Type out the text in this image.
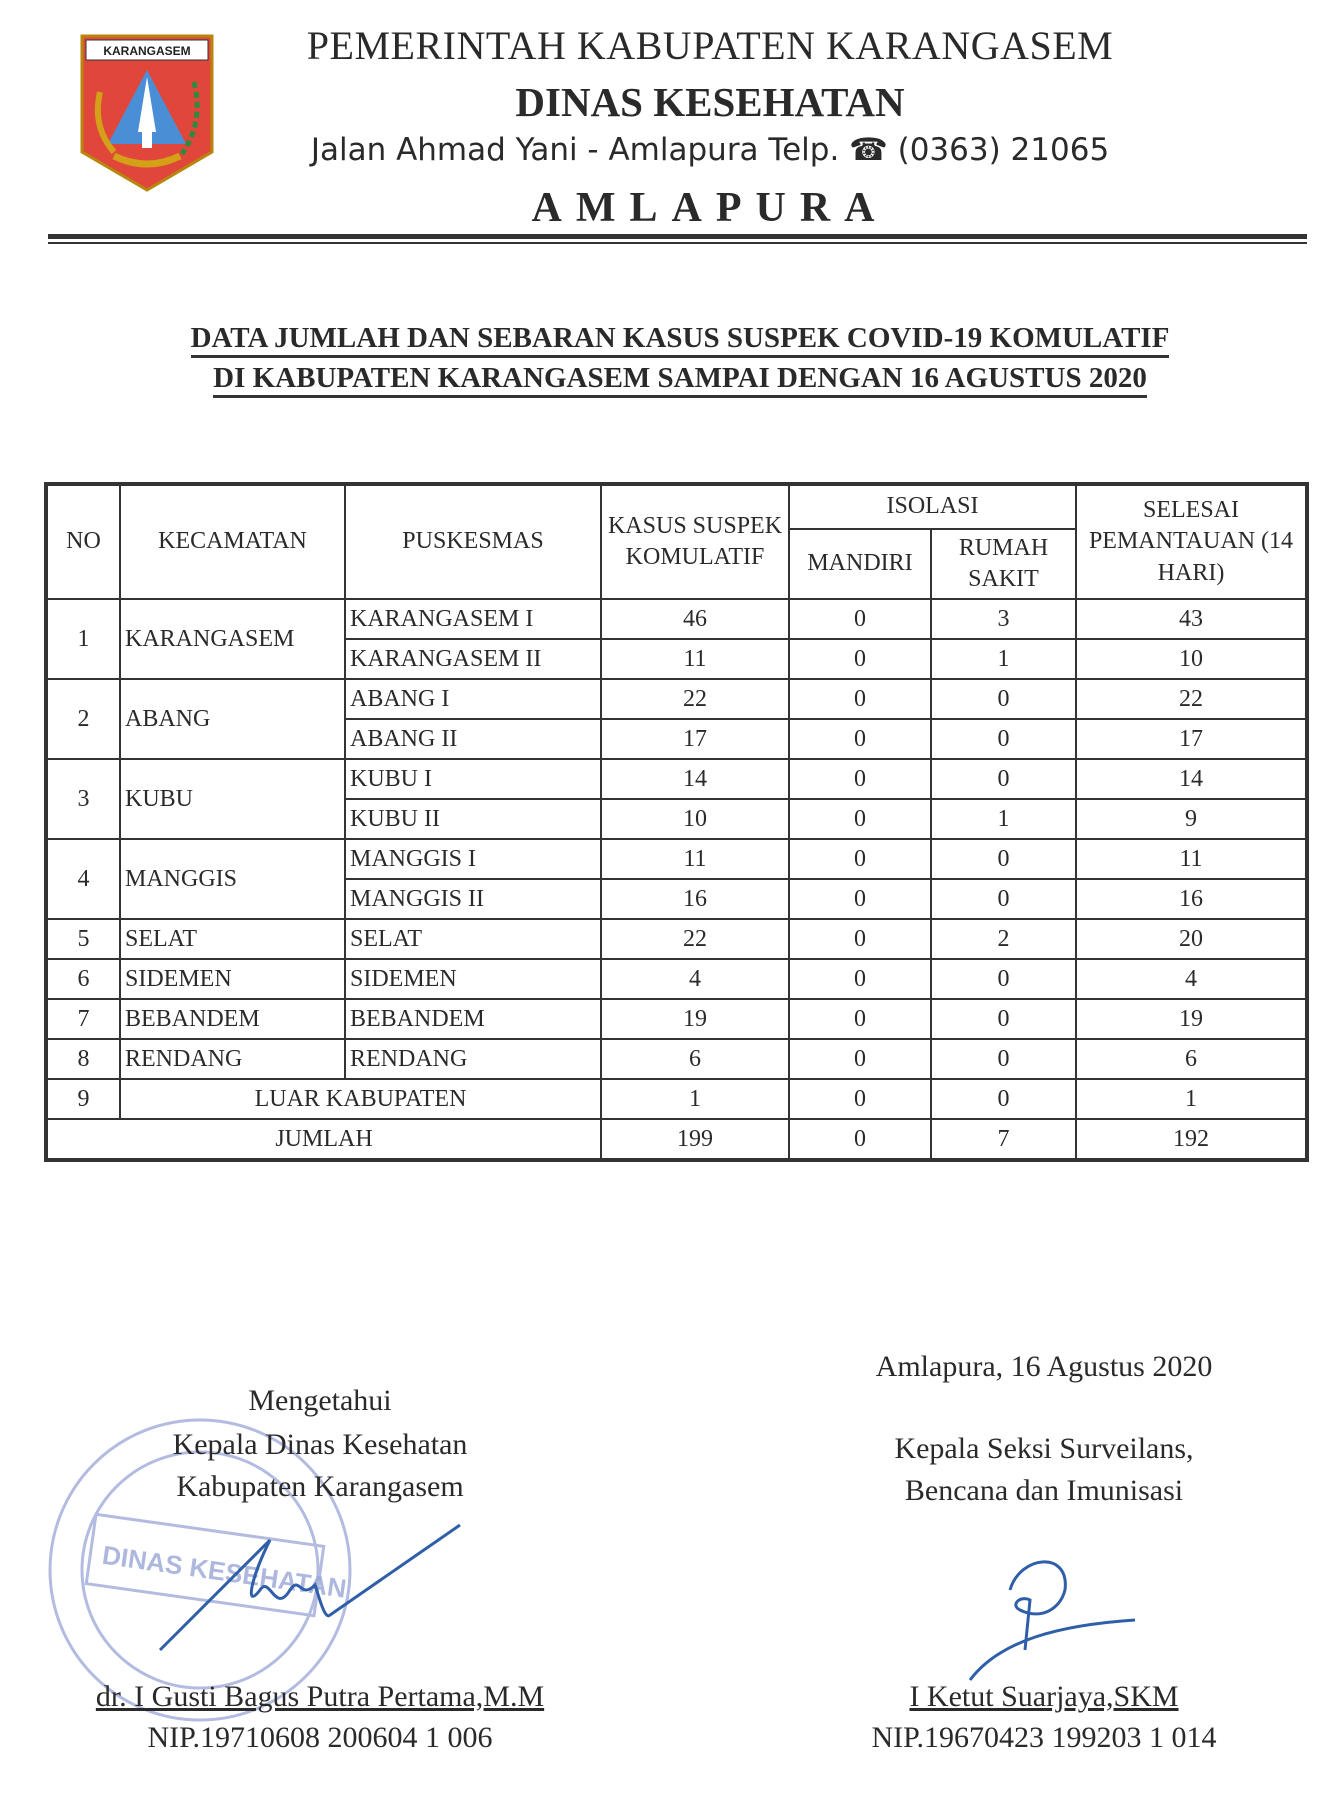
KARANGASEM	PEMERINTAH KABUPATEN KARANGASEM
DINAS KESEHATAN
Jalan Ahmad Yani - Amlapura Telp. ☎ (0363) 21065
AMLAPURA
DATA JUMLAH DAN SEBARAN KASUS SUSPEK COVID-19 KOMULATIF
DI KABUPATEN KARANGASEM SAMPAI DENGAN 16 AGUSTUS 2020
NO	KECAMATAN	PUSKESMAS	KASUS SUSPEK KOMULATIF	ISOLASI		SELESAI PEMANTAUAN (14 HARI)
				MANDIRI	RUMAH SAKIT	
1	KARANGASEM	KARANGASEM I	46	0	3	43
		KARANGASEM II	11	0	1	10
2	ABANG	ABANG I	22	0	0	22
		ABANG II	17	0	0	17
3	KUBU	KUBU I	14	0	0	14
		KUBU II	10	0	1	9
4	MANGGIS	MANGGIS I	11	0	0	11
		MANGGIS II	16	0	0	16
5	SELAT	SELAT	22	0	2	20
6	SIDEMEN	SIDEMEN	4	0	0	4
7	BEBANDEM	BEBANDEM	19	0	0	19
8	RENDANG	RENDANG	6	0	0	6
9	LUAR KABUPATEN		1	0	0	1
JUMLAH			199	0	7	192
Amlapura, 16 Agustus 2020
DINAS KESEHATAN
Mengetahui
Kepala Dinas Kesehatan
Kabupaten Karangasem
dr. I Gusti Bagus Putra Pertama,M.M
NIP.19710608 200604 1 006
Kepala Seksi Surveilans,
Bencana dan Imunisasi
I Ketut Suarjaya,SKM
NIP.19670423 199203 1 014
